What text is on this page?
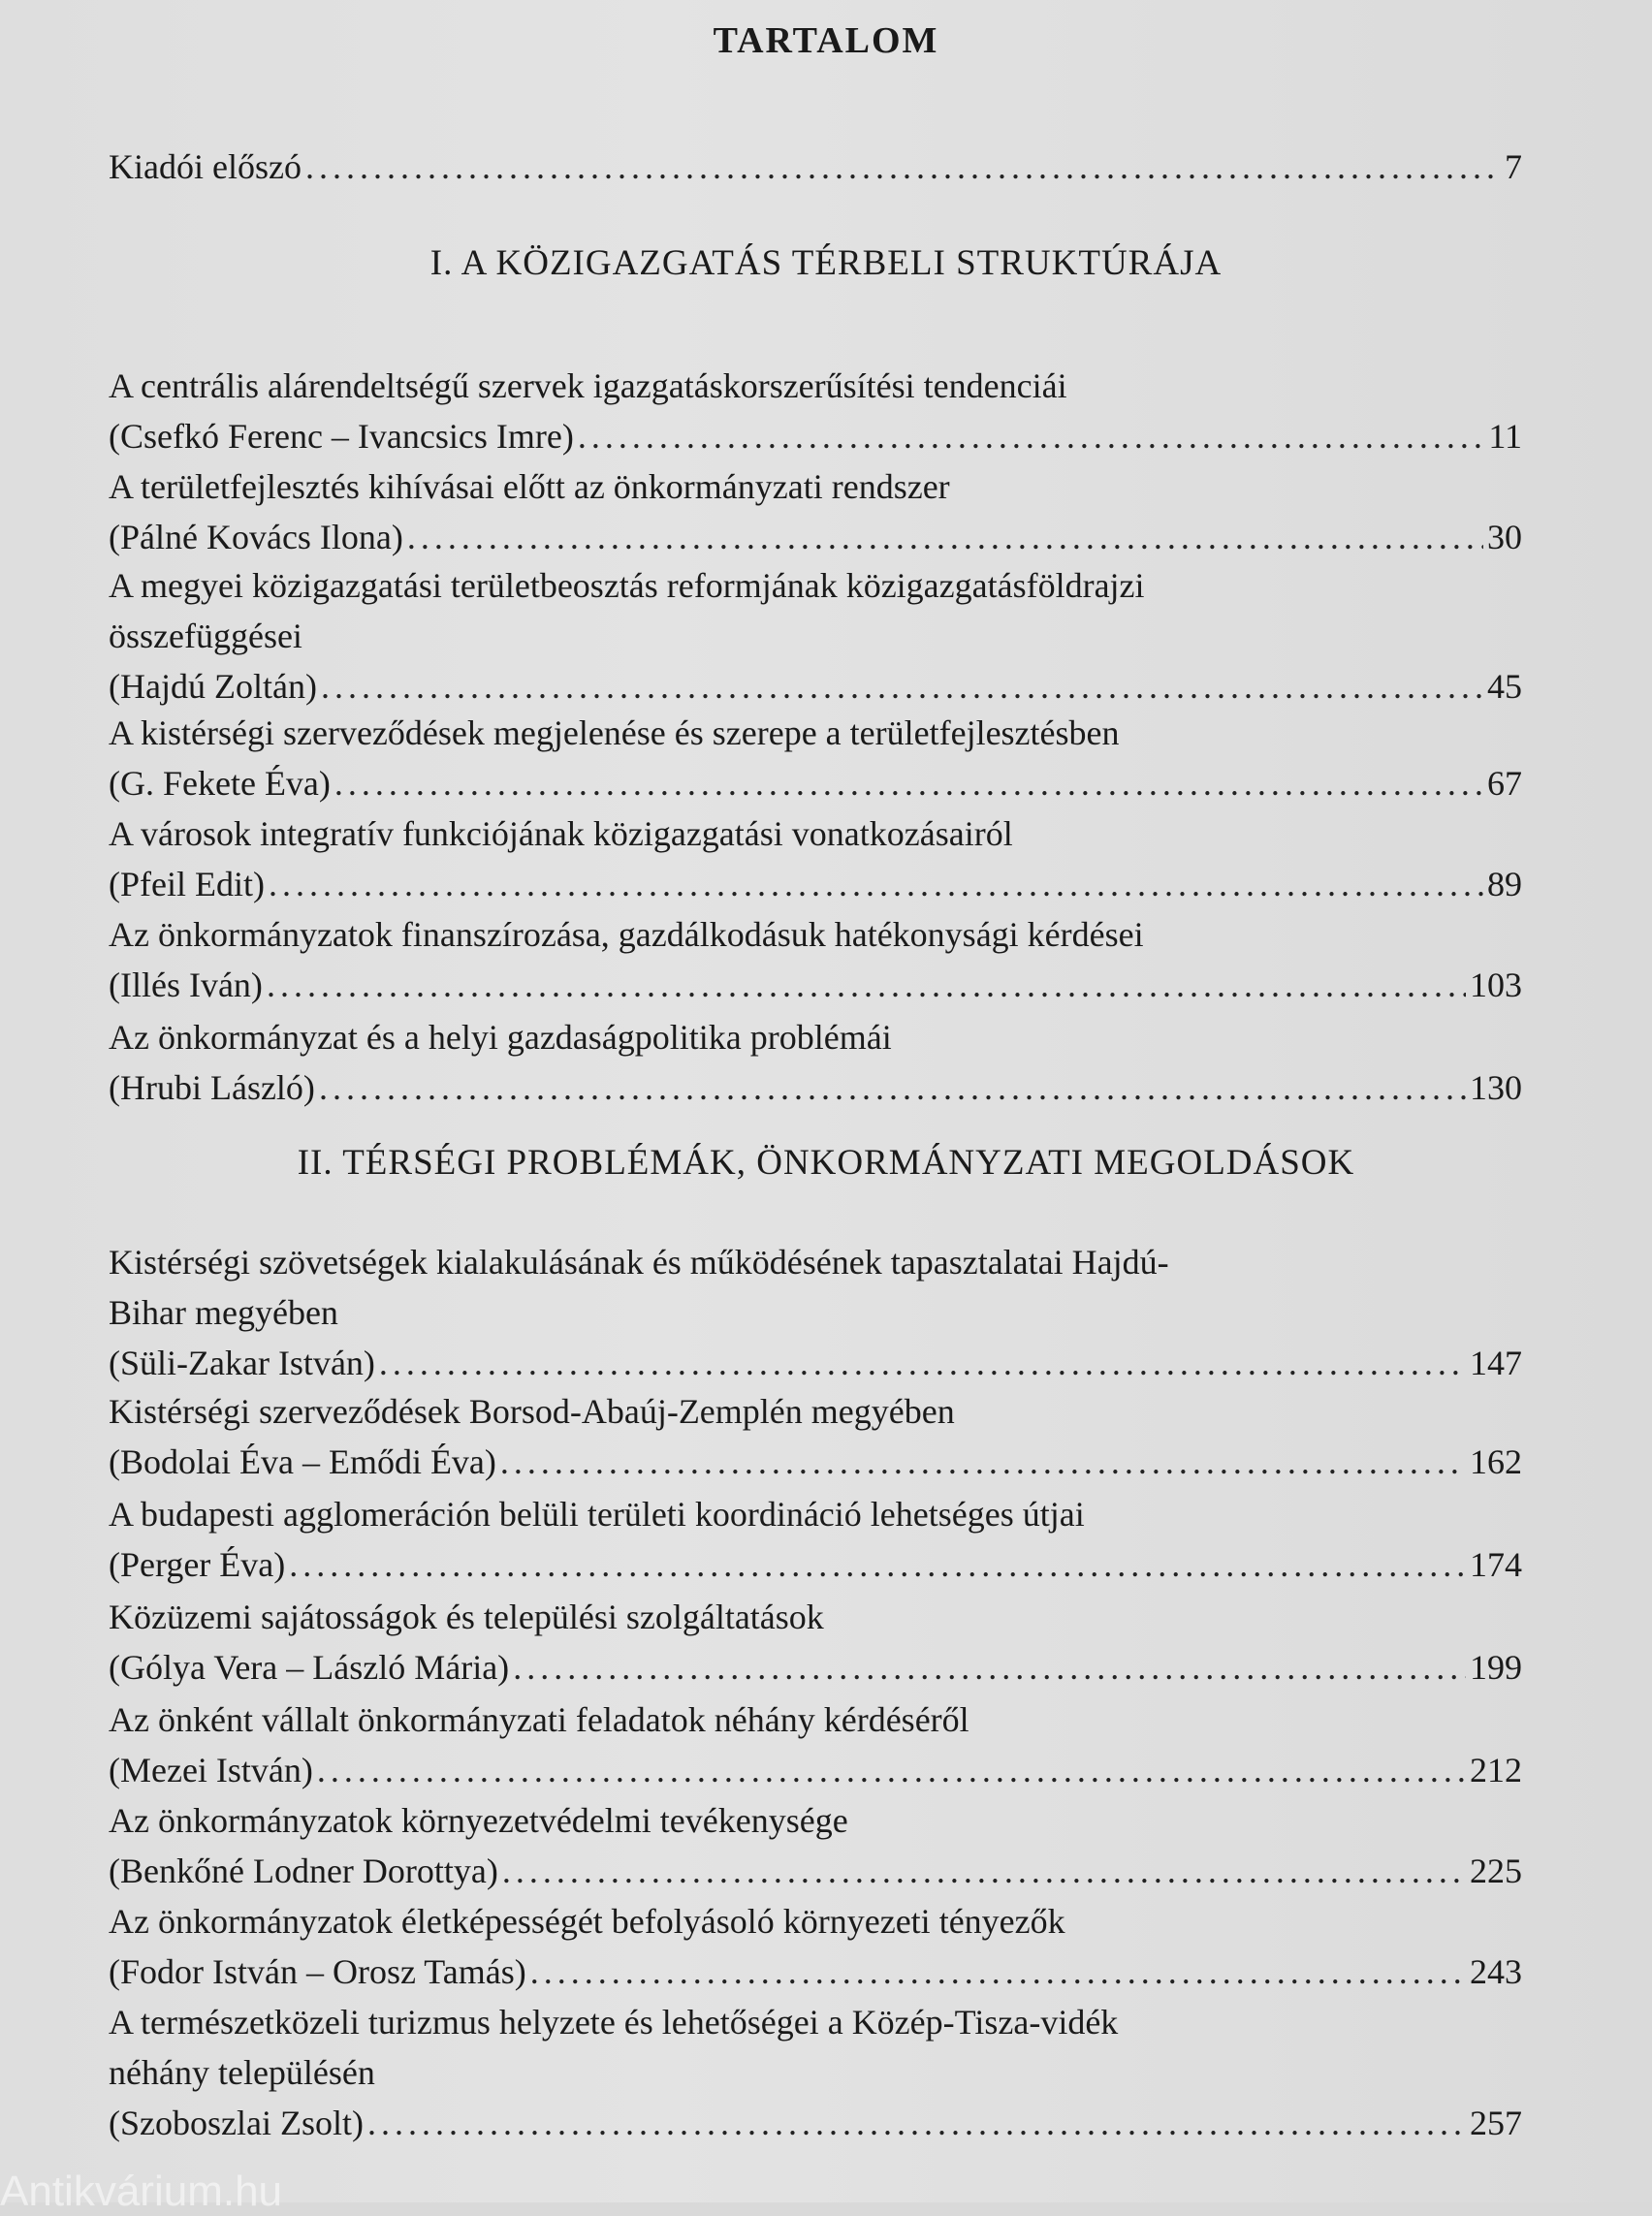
TARTALOM
Kiadói előszó . . .	7
I. A KÖZIGAZGATÁS TÉRBELI STRUKTÚRÁJA
A centrális alárendeltségű szervek igazgatáskorszerűsítési tendenciái
(Csefkó Ferenc – Ivancsics Imre) . . .	11
A területfejlesztés kihívásai előtt az önkormányzati rendszer
(Pálné Kovács Ilona) . . .	30
A megyei közigazgatási területbeosztás reformjának közigazgatásföldrajzi
összefüggései
(Hajdú Zoltán) . . .	45
A kistérségi szerveződések megjelenése és szerepe a területfejlesztésben
(G. Fekete Éva) . . .	67
A városok integratív funkciójának közigazgatási vonatkozásairól
(Pfeil Edit) . . .	89
Az önkormányzatok finanszírozása, gazdálkodásuk hatékonysági kérdései
(Illés Iván) . . .	103
Az önkormányzat és a helyi gazdaságpolitika problémái
(Hrubi László) . . .	130
II. TÉRSÉGI PROBLÉMÁK, ÖNKORMÁNYZATI MEGOLDÁSOK
Kistérségi szövetségek kialakulásának és működésének tapasztalatai Hajdú-
Bihar megyében
(Süli-Zakar István) . . .	147
Kistérségi szerveződések Borsod-Abaúj-Zemplén megyében
(Bodolai Éva – Emődi Éva) . . .	162
A budapesti agglomeráción belüli területi koordináció lehetséges útjai
(Perger Éva) . . .	174
Közüzemi sajátosságok és települési szolgáltatások
(Gólya Vera – László Mária) . . .	199
Az önként vállalt önkormányzati feladatok néhány kérdéséről
(Mezei István) . . .	212
Az önkormányzatok környezetvédelmi tevékenysége
(Benkőné Lodner Dorottya) . . .	225
Az önkormányzatok életképességét befolyásoló környezeti tényezők
(Fodor István – Orosz Tamás) . . .	243
A természetközeli turizmus helyzete és lehetőségei a Közép-Tisza-vidék
néhány településén
(Szoboszlai Zsolt) . . .	257
Antikvárium.hu
